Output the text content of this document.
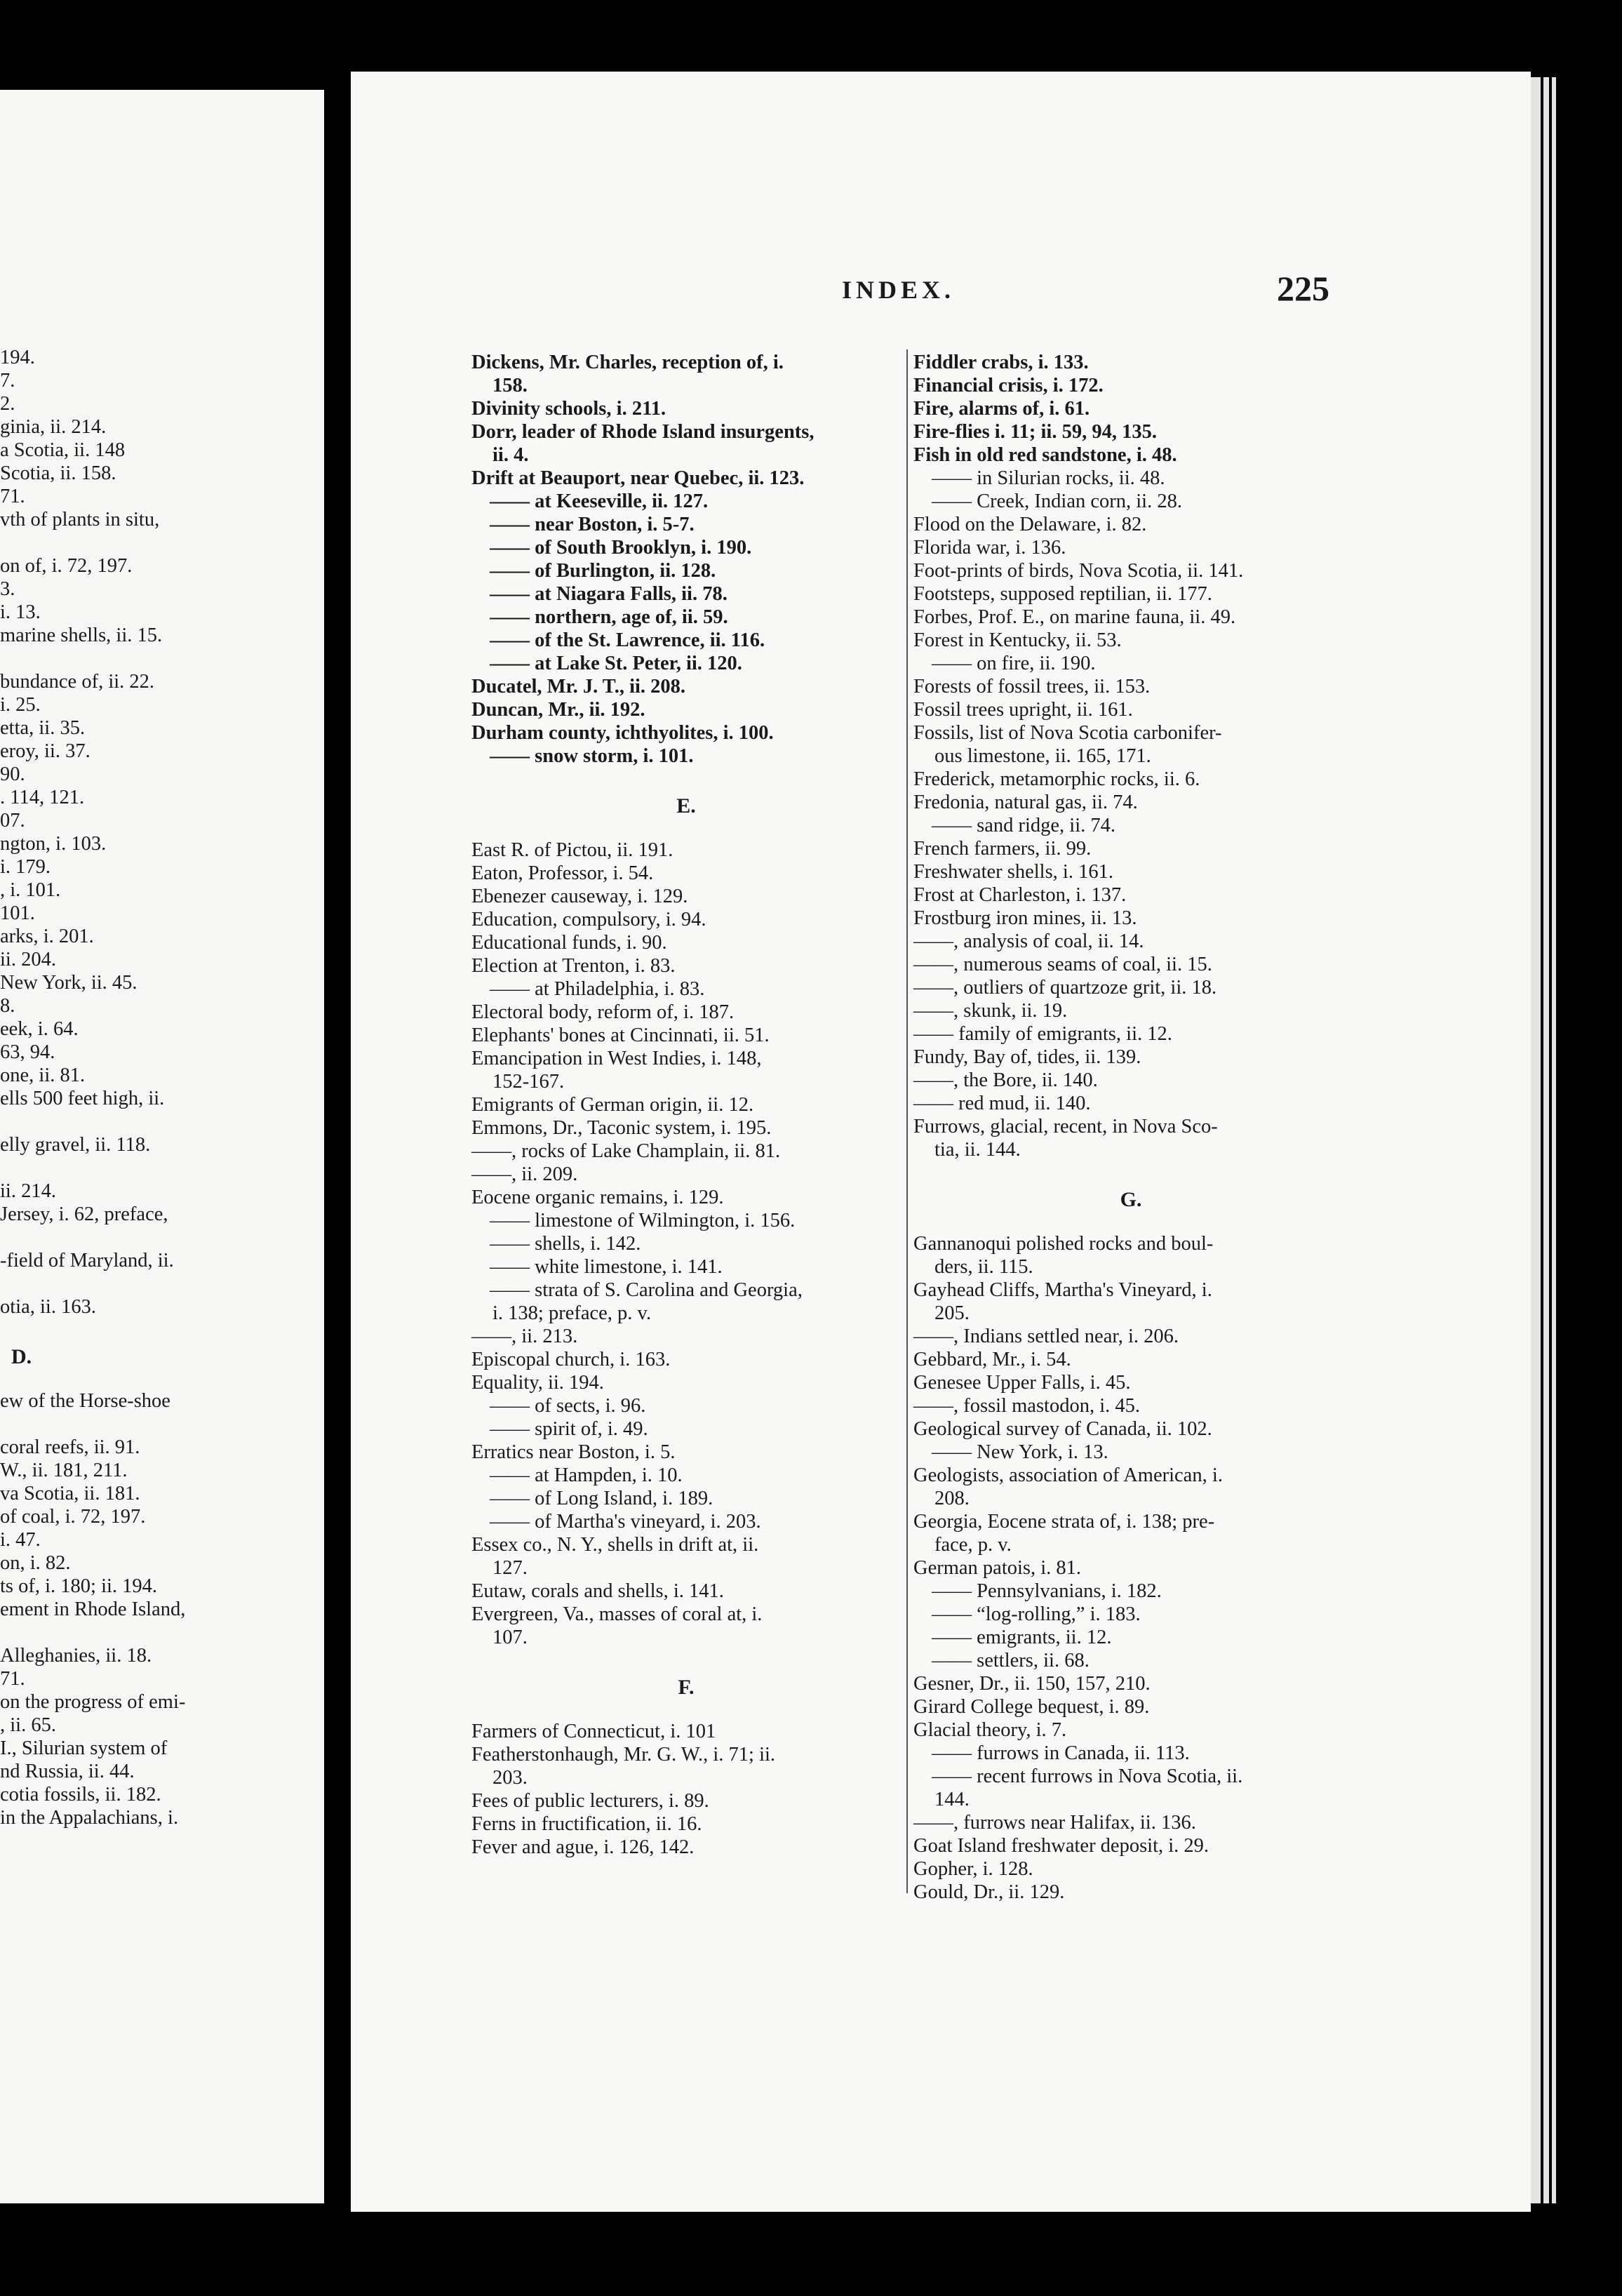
194.
7.
2.
ginia, ii. 214.
a Scotia, ii. 148
Scotia, ii. 158.
71.
vth of plants in situ,

on of, i. 72, 197.
3.
i. 13.
marine shells, ii. 15.

bundance of, ii. 22.
i. 25.
etta, ii. 35.
eroy, ii. 37.
90.
. 114, 121.
07.
ngton, i. 103.
i. 179.
, i. 101.
101.
arks, i. 201.
ii. 204.
New York, ii. 45.
8.
eek, i. 64.
63, 94.
one, ii. 81.
ells 500 feet high, ii.

elly gravel, ii. 118.

ii. 214.
Jersey, i. 62, preface,

-field of Maryland, ii.

otia, ii. 163.
D.
ew of the Horse-shoe

coral reefs, ii. 91.
W., ii. 181, 211.
va Scotia, ii. 181.
of coal, i. 72, 197.
i. 47.
on, i. 82.
ts of, i. 180; ii. 194.
ement in Rhode Island,

Alleghanies, ii. 18.
71.
on the progress of emi-
, ii. 65.
I., Silurian system of
nd Russia, ii. 44.
cotia fossils, ii. 182.
in the Appalachians, i.
INDEX.	225
Dickens, Mr. Charles, reception of, i.
158.
Divinity schools, i. 211.
Dorr, leader of Rhode Island insurgents,
ii. 4.
Drift at Beauport, near Quebec, ii. 123.
—— at Keeseville, ii. 127.
—— near Boston, i. 5-7.
—— of South Brooklyn, i. 190.
—— of Burlington, ii. 128.
—— at Niagara Falls, ii. 78.
—— northern, age of, ii. 59.
—— of the St. Lawrence, ii. 116.
—— at Lake St. Peter, ii. 120.
Ducatel, Mr. J. T., ii. 208.
Duncan, Mr., ii. 192.
Durham county, ichthyolites, i. 100.
—— snow storm, i. 101.
E.
East R. of Pictou, ii. 191.
Eaton, Professor, i. 54.
Ebenezer causeway, i. 129.
Education, compulsory, i. 94.
Educational funds, i. 90.
Election at Trenton, i. 83.
—— at Philadelphia, i. 83.
Electoral body, reform of, i. 187.
Elephants' bones at Cincinnati, ii. 51.
Emancipation in West Indies, i. 148,
152-167.
Emigrants of German origin, ii. 12.
Emmons, Dr., Taconic system, i. 195.
——, rocks of Lake Champlain, ii. 81.
——, ii. 209.
Eocene organic remains, i. 129.
—— limestone of Wilmington, i. 156.
—— shells, i. 142.
—— white limestone, i. 141.
—— strata of S. Carolina and Georgia,
i. 138; preface, p. v.
——, ii. 213.
Episcopal church, i. 163.
Equality, ii. 194.
—— of sects, i. 96.
—— spirit of, i. 49.
Erratics near Boston, i. 5.
—— at Hampden, i. 10.
—— of Long Island, i. 189.
—— of Martha's vineyard, i. 203.
Essex co., N. Y., shells in drift at, ii.
127.
Eutaw, corals and shells, i. 141.
Evergreen, Va., masses of coral at, i.
107.
F.
Farmers of Connecticut, i. 101
Featherstonhaugh, Mr. G. W., i. 71; ii.
203.
Fees of public lecturers, i. 89.
Ferns in fructification, ii. 16.
Fever and ague, i. 126, 142.
Fiddler crabs, i. 133.
Financial crisis, i. 172.
Fire, alarms of, i. 61.
Fire-flies i. 11; ii. 59, 94, 135.
Fish in old red sandstone, i. 48.
—— in Silurian rocks, ii. 48.
—— Creek, Indian corn, ii. 28.
Flood on the Delaware, i. 82.
Florida war, i. 136.
Foot-prints of birds, Nova Scotia, ii. 141.
Footsteps, supposed reptilian, ii. 177.
Forbes, Prof. E., on marine fauna, ii. 49.
Forest in Kentucky, ii. 53.
—— on fire, ii. 190.
Forests of fossil trees, ii. 153.
Fossil trees upright, ii. 161.
Fossils, list of Nova Scotia carbonifer-
ous limestone, ii. 165, 171.
Frederick, metamorphic rocks, ii. 6.
Fredonia, natural gas, ii. 74.
—— sand ridge, ii. 74.
French farmers, ii. 99.
Freshwater shells, i. 161.
Frost at Charleston, i. 137.
Frostburg iron mines, ii. 13.
——, analysis of coal, ii. 14.
——, numerous seams of coal, ii. 15.
——, outliers of quartzoze grit, ii. 18.
——, skunk, ii. 19.
—— family of emigrants, ii. 12.
Fundy, Bay of, tides, ii. 139.
——, the Bore, ii. 140.
—— red mud, ii. 140.
Furrows, glacial, recent, in Nova Sco-
tia, ii. 144.
G.
Gannanoqui polished rocks and boul-
ders, ii. 115.
Gayhead Cliffs, Martha's Vineyard, i.
205.
——, Indians settled near, i. 206.
Gebbard, Mr., i. 54.
Genesee Upper Falls, i. 45.
——, fossil mastodon, i. 45.
Geological survey of Canada, ii. 102.
—— New York, i. 13.
Geologists, association of American, i.
208.
Georgia, Eocene strata of, i. 138; pre-
face, p. v.
German patois, i. 81.
—— Pennsylvanians, i. 182.
—— “log-rolling,” i. 183.
—— emigrants, ii. 12.
—— settlers, ii. 68.
Gesner, Dr., ii. 150, 157, 210.
Girard College bequest, i. 89.
Glacial theory, i. 7.
—— furrows in Canada, ii. 113.
—— recent furrows in Nova Scotia, ii.
144.
——, furrows near Halifax, ii. 136.
Goat Island freshwater deposit, i. 29.
Gopher, i. 128.
Gould, Dr., ii. 129.
